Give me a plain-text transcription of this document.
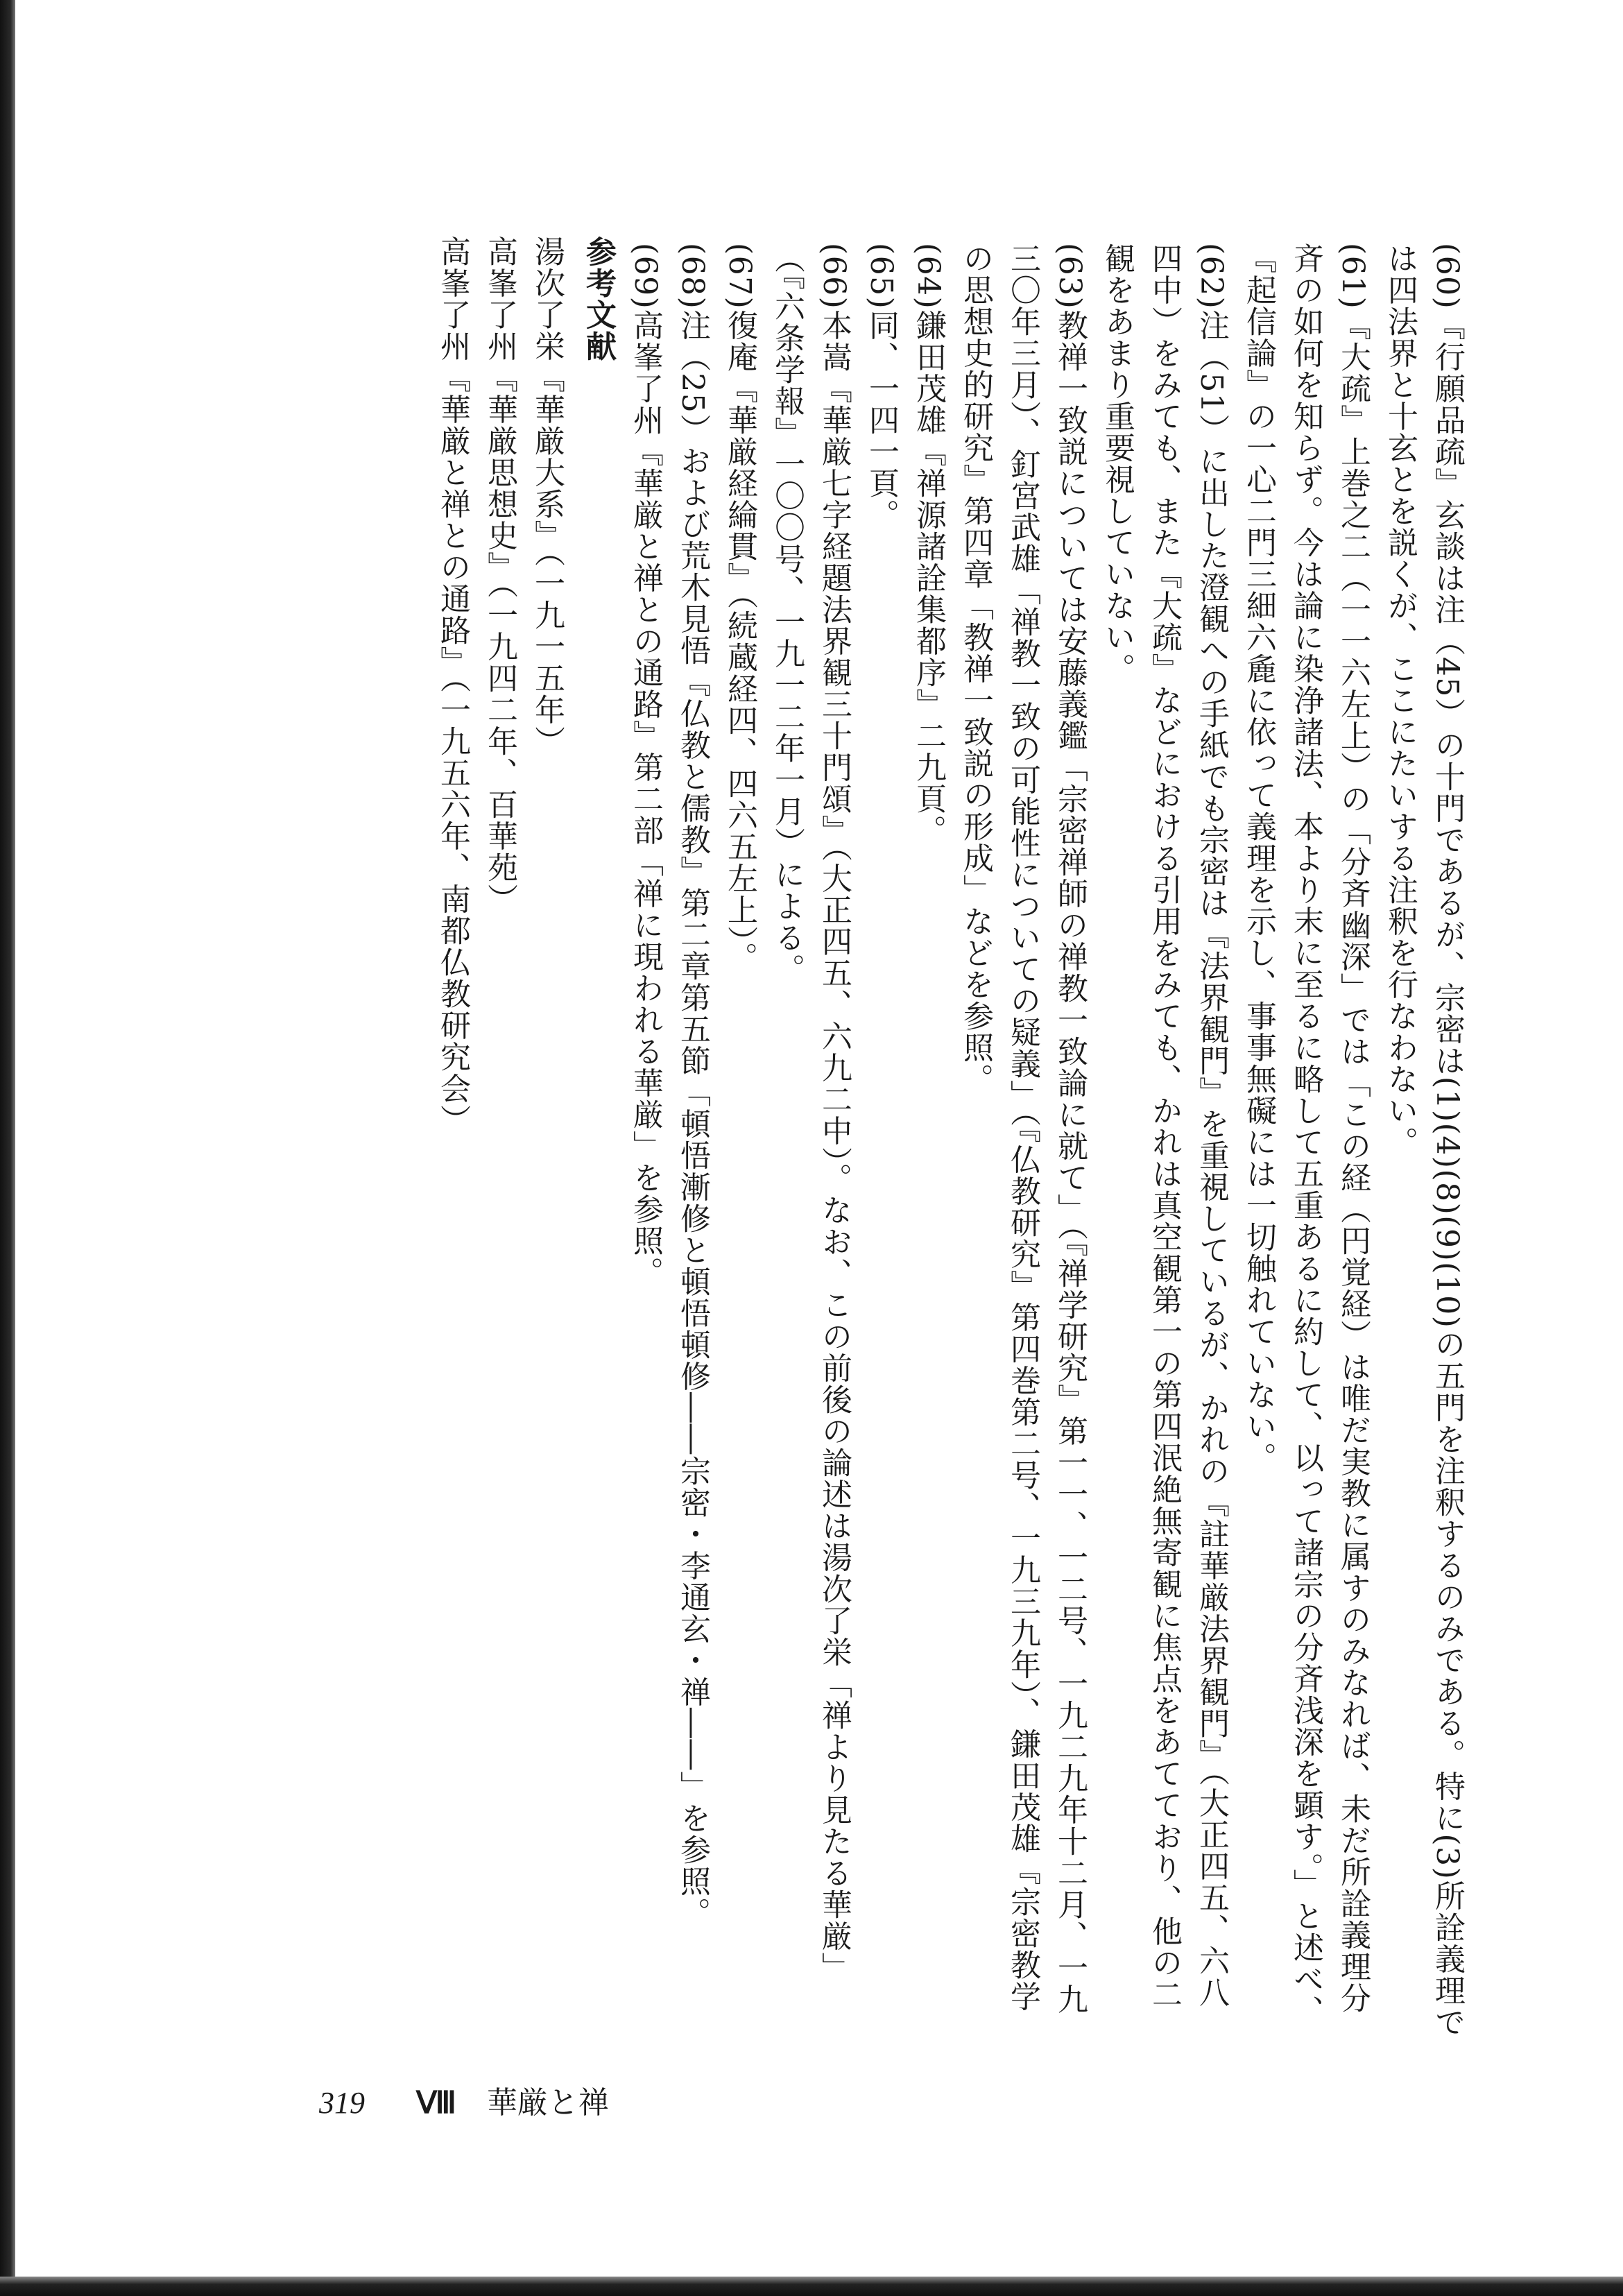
(60)『行願品疏』玄談は注（45）の十門であるが、宗密は(1)(4)(8)(9)(10)の五門を注釈するのみである。特に(3)所詮義理では四法界と十玄とを説くが、ここにたいする注釈を行なわない。
(61)『大疏』上巻之二（一一六左上）の「分斉幽深」では「この経（円覚経）は唯だ実教に属すのみなれば、未だ所詮義理分斉の如何を知らず。今は論に染浄諸法、本より末に至るに略して五重あるに約して、以って諸宗の分斉浅深を顕す。」と述べ、『起信論』の一心二門三細六麁に依って義理を示し、事事無礙には一切触れていない。
(62)注（51）に出した澄観への手紙でも宗密は『法界観門』を重視しているが、かれの『註華厳法界観門』（大正四五、六八四中）をみても、また『大疏』などにおける引用をみても、かれは真空観第一の第四泯絶無寄観に焦点をあてており、他の二観をあまり重要視していない。
(63)教禅一致説については安藤義鑑「宗密禅師の禅教一致論に就て」（『禅学研究』第一一、一二号、一九二九年十二月、一九三〇年三月）、釘宮武雄「禅教一致の可能性についての疑義」（『仏教研究』第四巻第二号、一九三九年）、鎌田茂雄『宗密教学の思想史的研究』第四章「教禅一致説の形成」などを参照。
(64)鎌田茂雄『禅源諸詮集都序』二九頁。
(65)同、一四一頁。
(66)本嵩『華厳七字経題法界観三十門頌』（大正四五、六九二中）。なお、この前後の論述は湯次了栄「禅より見たる華厳」（『六条学報』一〇〇号、一九一二年一月）による。
(67)復庵『華厳経綸貫』（続蔵経四、四六五左上）。
(68)注（25）および荒木見悟『仏教と儒教』第二章第五節「頓悟漸修と頓悟頓修――宗密・李通玄・禅――」を参照。
(69)高峯了州『華厳と禅との通路』第二部「禅に現われる華厳」を参照。
参考文献
湯次了栄『華厳大系』（一九一五年）
高峯了州『華厳思想史』（一九四二年、百華苑）
高峯了州『華厳と禅との通路』（一九五六年、南都仏教研究会）
319 Ⅷ 華厳と禅
